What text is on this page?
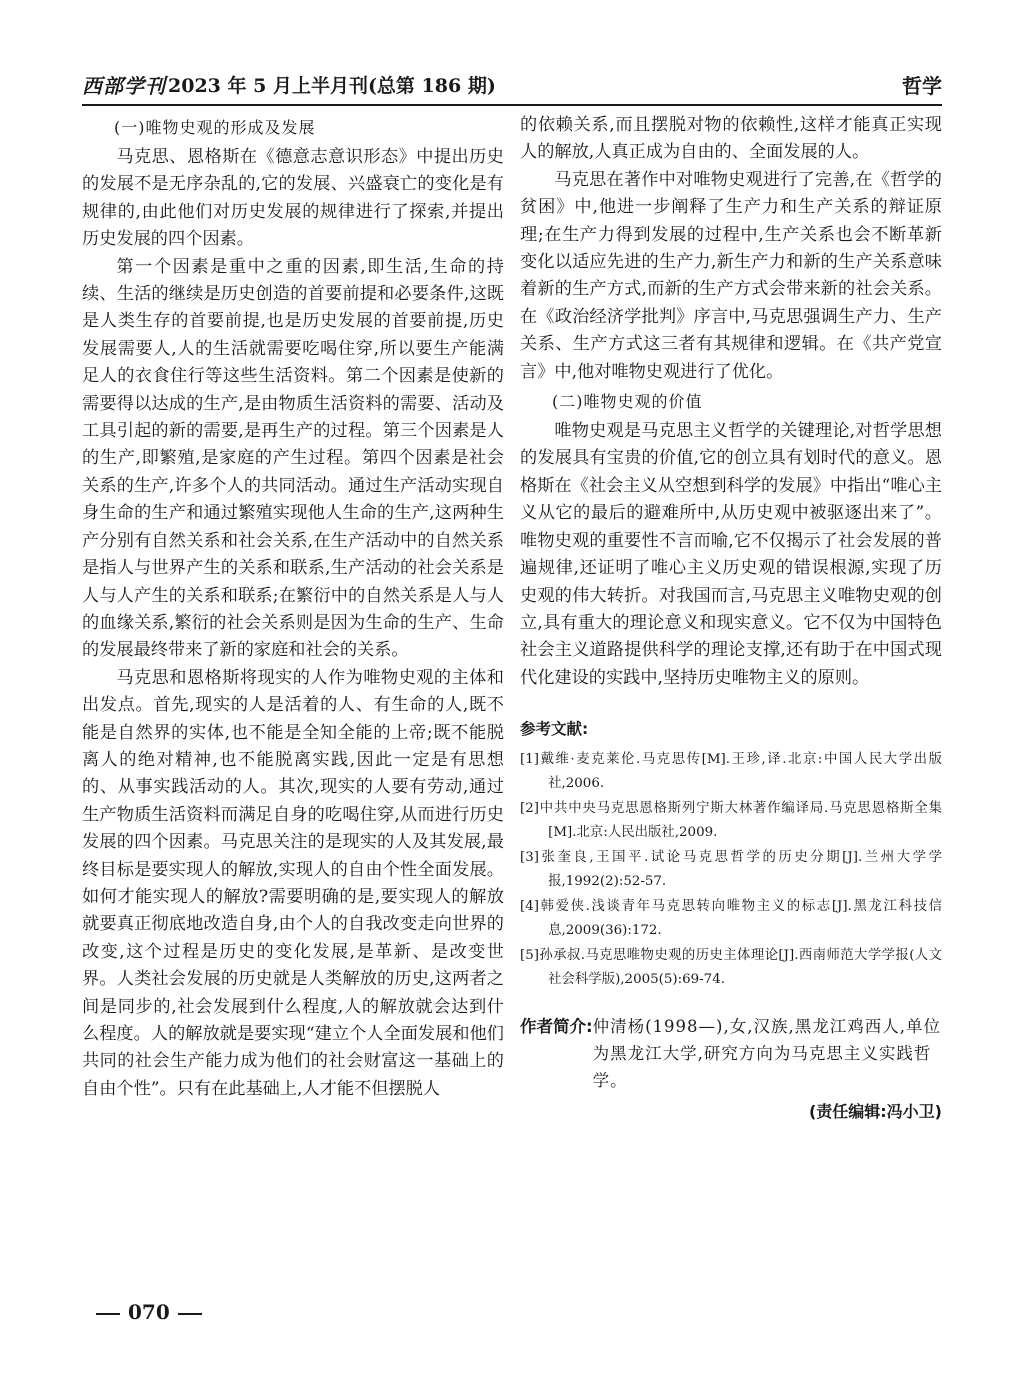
西部学刊 2023 年 5 月上半月刊(总第 186 期)	哲学
(一)唯物史观的形成及发展

马克思、恩格斯在《德意志意识形态》中提出历史的发展不是无序杂乱的,它的发展、兴盛衰亡的变化是有规律的,由此他们对历史发展的规律进行了探索,并提出历史发展的四个因素。

第一个因素是重中之重的因素,即生活,生命的持续、生活的继续是历史创造的首要前提和必要条件,这既是人类生存的首要前提,也是历史发展的首要前提,历史发展需要人,人的生活就需要吃喝住穿,所以要生产能满足人的衣食住行等这些生活资料。第二个因素是使新的需要得以达成的生产,是由物质生活资料的需要、活动及工具引起的新的需要,是再生产的过程。第三个因素是人的生产,即繁殖,是家庭的产生过程。第四个因素是社会关系的生产,许多个人的共同活动。通过生产活动实现自身生命的生产和通过繁殖实现他人生命的生产,这两种生产分别有自然关系和社会关系,在生产活动中的自然关系是指人与世界产生的关系和联系,生产活动的社会关系是人与人产生的关系和联系;在繁衍中的自然关系是人与人的血缘关系,繁衍的社会关系则是因为生命的生产、生命的发展最终带来了新的家庭和社会的关系。

马克思和恩格斯将现实的人作为唯物史观的主体和出发点。首先,现实的人是活着的人、有生命的人,既不能是自然界的实体,也不能是全知全能的上帝;既不能脱离人的绝对精神,也不能脱离实践,因此一定是有思想的、从事实践活动的人。其次,现实的人要有劳动,通过生产物质生活资料而满足自身的吃喝住穿,从而进行历史发展的四个因素。马克思关注的是现实的人及其发展,最终目标是要实现人的解放,实现人的自由个性全面发展。如何才能实现人的解放?需要明确的是,要实现人的解放就要真正彻底地改造自身,由个人的自我改变走向世界的改变,这个过程是历史的变化发展,是革新、是改变世界。人类社会发展的历史就是人类解放的历史,这两者之间是同步的,社会发展到什么程度,人的解放就会达到什么程度。人的解放就是要实现“建立个人全面发展和他们共同的社会生产能力成为他们的社会财富这一基础上的自由个性”。只有在此基础上,人才能不但摆脱人

的依赖关系,而且摆脱对物的依赖性,这样才能真正实现人的解放,人真正成为自由的、全面发展的人。

马克思在著作中对唯物史观进行了完善,在《哲学的贫困》中,他进一步阐释了生产力和生产关系的辩证原理;在生产力得到发展的过程中,生产关系也会不断革新变化以适应先进的生产力,新生产力和新的生产关系意味着新的生产方式,而新的生产方式会带来新的社会关系。在《政治经济学批判》序言中,马克思强调生产力、生产关系、生产方式这三者有其规律和逻辑。在《共产党宣言》中,他对唯物史观进行了优化。

(二)唯物史观的价值

唯物史观是马克思主义哲学的关键理论,对哲学思想的发展具有宝贵的价值,它的创立具有划时代的意义。恩格斯在《社会主义从空想到科学的发展》中指出“唯心主义从它的最后的避难所中,从历史观中被驱逐出来了”。唯物史观的重要性不言而喻,它不仅揭示了社会发展的普遍规律,还证明了唯心主义历史观的错误根源,实现了历史观的伟大转折。对我国而言,马克思主义唯物史观的创立,具有重大的理论意义和现实意义。它不仅为中国特色社会主义道路提供科学的理论支撑,还有助于在中国式现代化建设的实践中,坚持历史唯物主义的原则。

参考文献:
[1]戴维·麦克莱伦.马克思传[M].王珍,译.北京:中国人民大学出版社,2006.
[2]中共中央马克思恩格斯列宁斯大林著作编译局.马克思恩格斯全集[M].北京:人民出版社,2009.
[3]张奎良,王国平.试论马克思哲学的历史分期[J].兰州大学学报,1992(2):52-57.
[4]韩爱侠.浅谈青年马克思转向唯物主义的标志[J].黑龙江科技信息,2009(36):172.
[5]孙承叔.马克思唯物史观的历史主体理论[J].西南师范大学学报(人文社会科学版),2005(5):69-74.
作者简介: 仲清杨(1998—),女,汉族,黑龙江鸡西人,单位为黑龙江大学,研究方向为马克思主义实践哲学。
(责任编辑:冯小卫)
070
